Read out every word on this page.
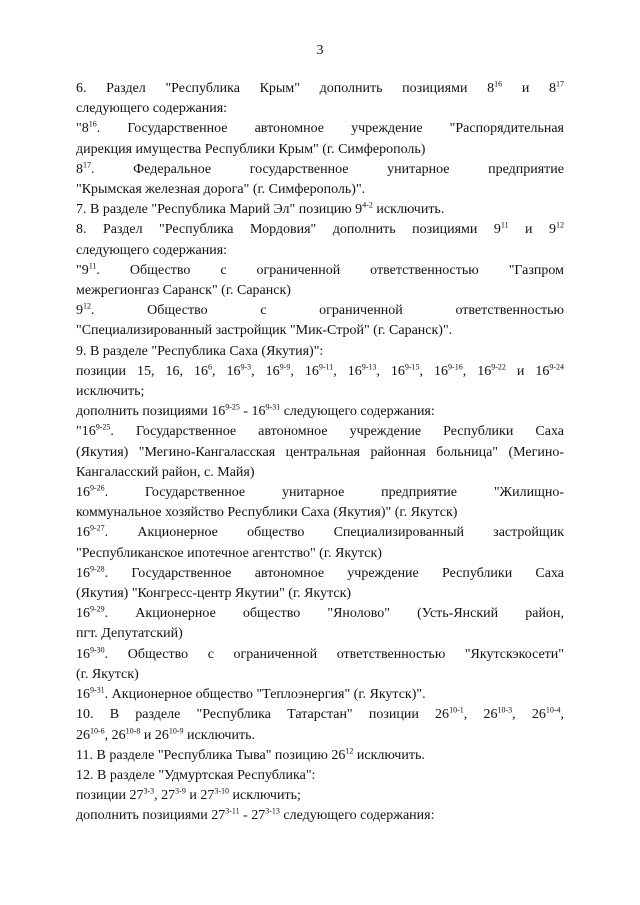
3

6. Раздел "Республика Крым" дополнить позициями $8^{16}$ и $8^{17}$

следующего содержания:

"$8^{16}$. Государственное автономное учреждение "Распорядительная

дирекция имущества Республики Крым" (г. Симферополь)

$8^{17}$. Федеральное государственное унитарное предприятие

"Крымская железная дорога" (г. Симферополь)".

7. В разделе "Республика Марий Эл" позицию 9$^{4-2}$ исключить.

8. Раздел "Республика Мордовия" дополнить позициями $9^{11}$ и $9^{12}$

следующего содержания:

"$9^{11}$. Общество с ограниченной ответственностью "Газпром

межрегионгаз Саранск" (г. Саранск)

$9^{12}$. Общество с ограниченной ответственностью

"Специализированный застройщик "Мик-Строй" (г. Саранск)".

9. В разделе "Республика Саха (Якутия)":

позиции 15, 16, $16^6$, 16$^{9-3}$, 16$^{9-9}$, 16$^{9-11}$, 16$^{9-13}$, 16$^{9-15}$, 16$^{9-16}$, 16$^{9-22}$ и 16$^{9-24}$

исключить;

дополнить позициями 16$^{9-25}$ - 16$^{9-31}$ следующего содержания:

"16$^{9-25}$. Государственное автономное учреждение Республики Саха

(Якутия) "Мегино-Кангаласская центральная районная больница" (Мегино-

Кангаласский район, с. Майя)

16$^{9-26}$. Государственное унитарное предприятие "Жилищно-

коммунальное хозяйство Республики Саха (Якутия)" (г. Якутск)

16$^{9-27}$. Акционерное общество Специализированный застройщик

"Республиканское ипотечное агентство" (г. Якутск)

16$^{9-28}$. Государственное автономное учреждение Республики Саха

(Якутия) "Конгресс-центр Якутии" (г. Якутск)

16$^{9-29}$. Акционерное общество "Янолово" (Усть-Янский район,

пгт. Депутатский)

16$^{9-30}$. Общество с ограниченной ответственностью "Якутскэкосети"

(г. Якутск)

16$^{9-31}$. Акционерное общество "Теплоэнергия" (г. Якутск)".

10. В разделе "Республика Татарстан" позиции 26$^{10-1}$, 26$^{10-3}$, 26$^{10-4}$,

26$^{10-6}$, 26$^{10-8}$ и 26$^{10-9}$ исключить.

11. В разделе "Республика Тыва" позицию $26^{12}$ исключить.

12. В разделе "Удмуртская Республика":

позиции 27$^{3-3}$, 27$^{3-9}$ и 27$^{3-10}$ исключить;

дополнить позициями 27$^{3-11}$ - 27$^{3-13}$ следующего содержания:
